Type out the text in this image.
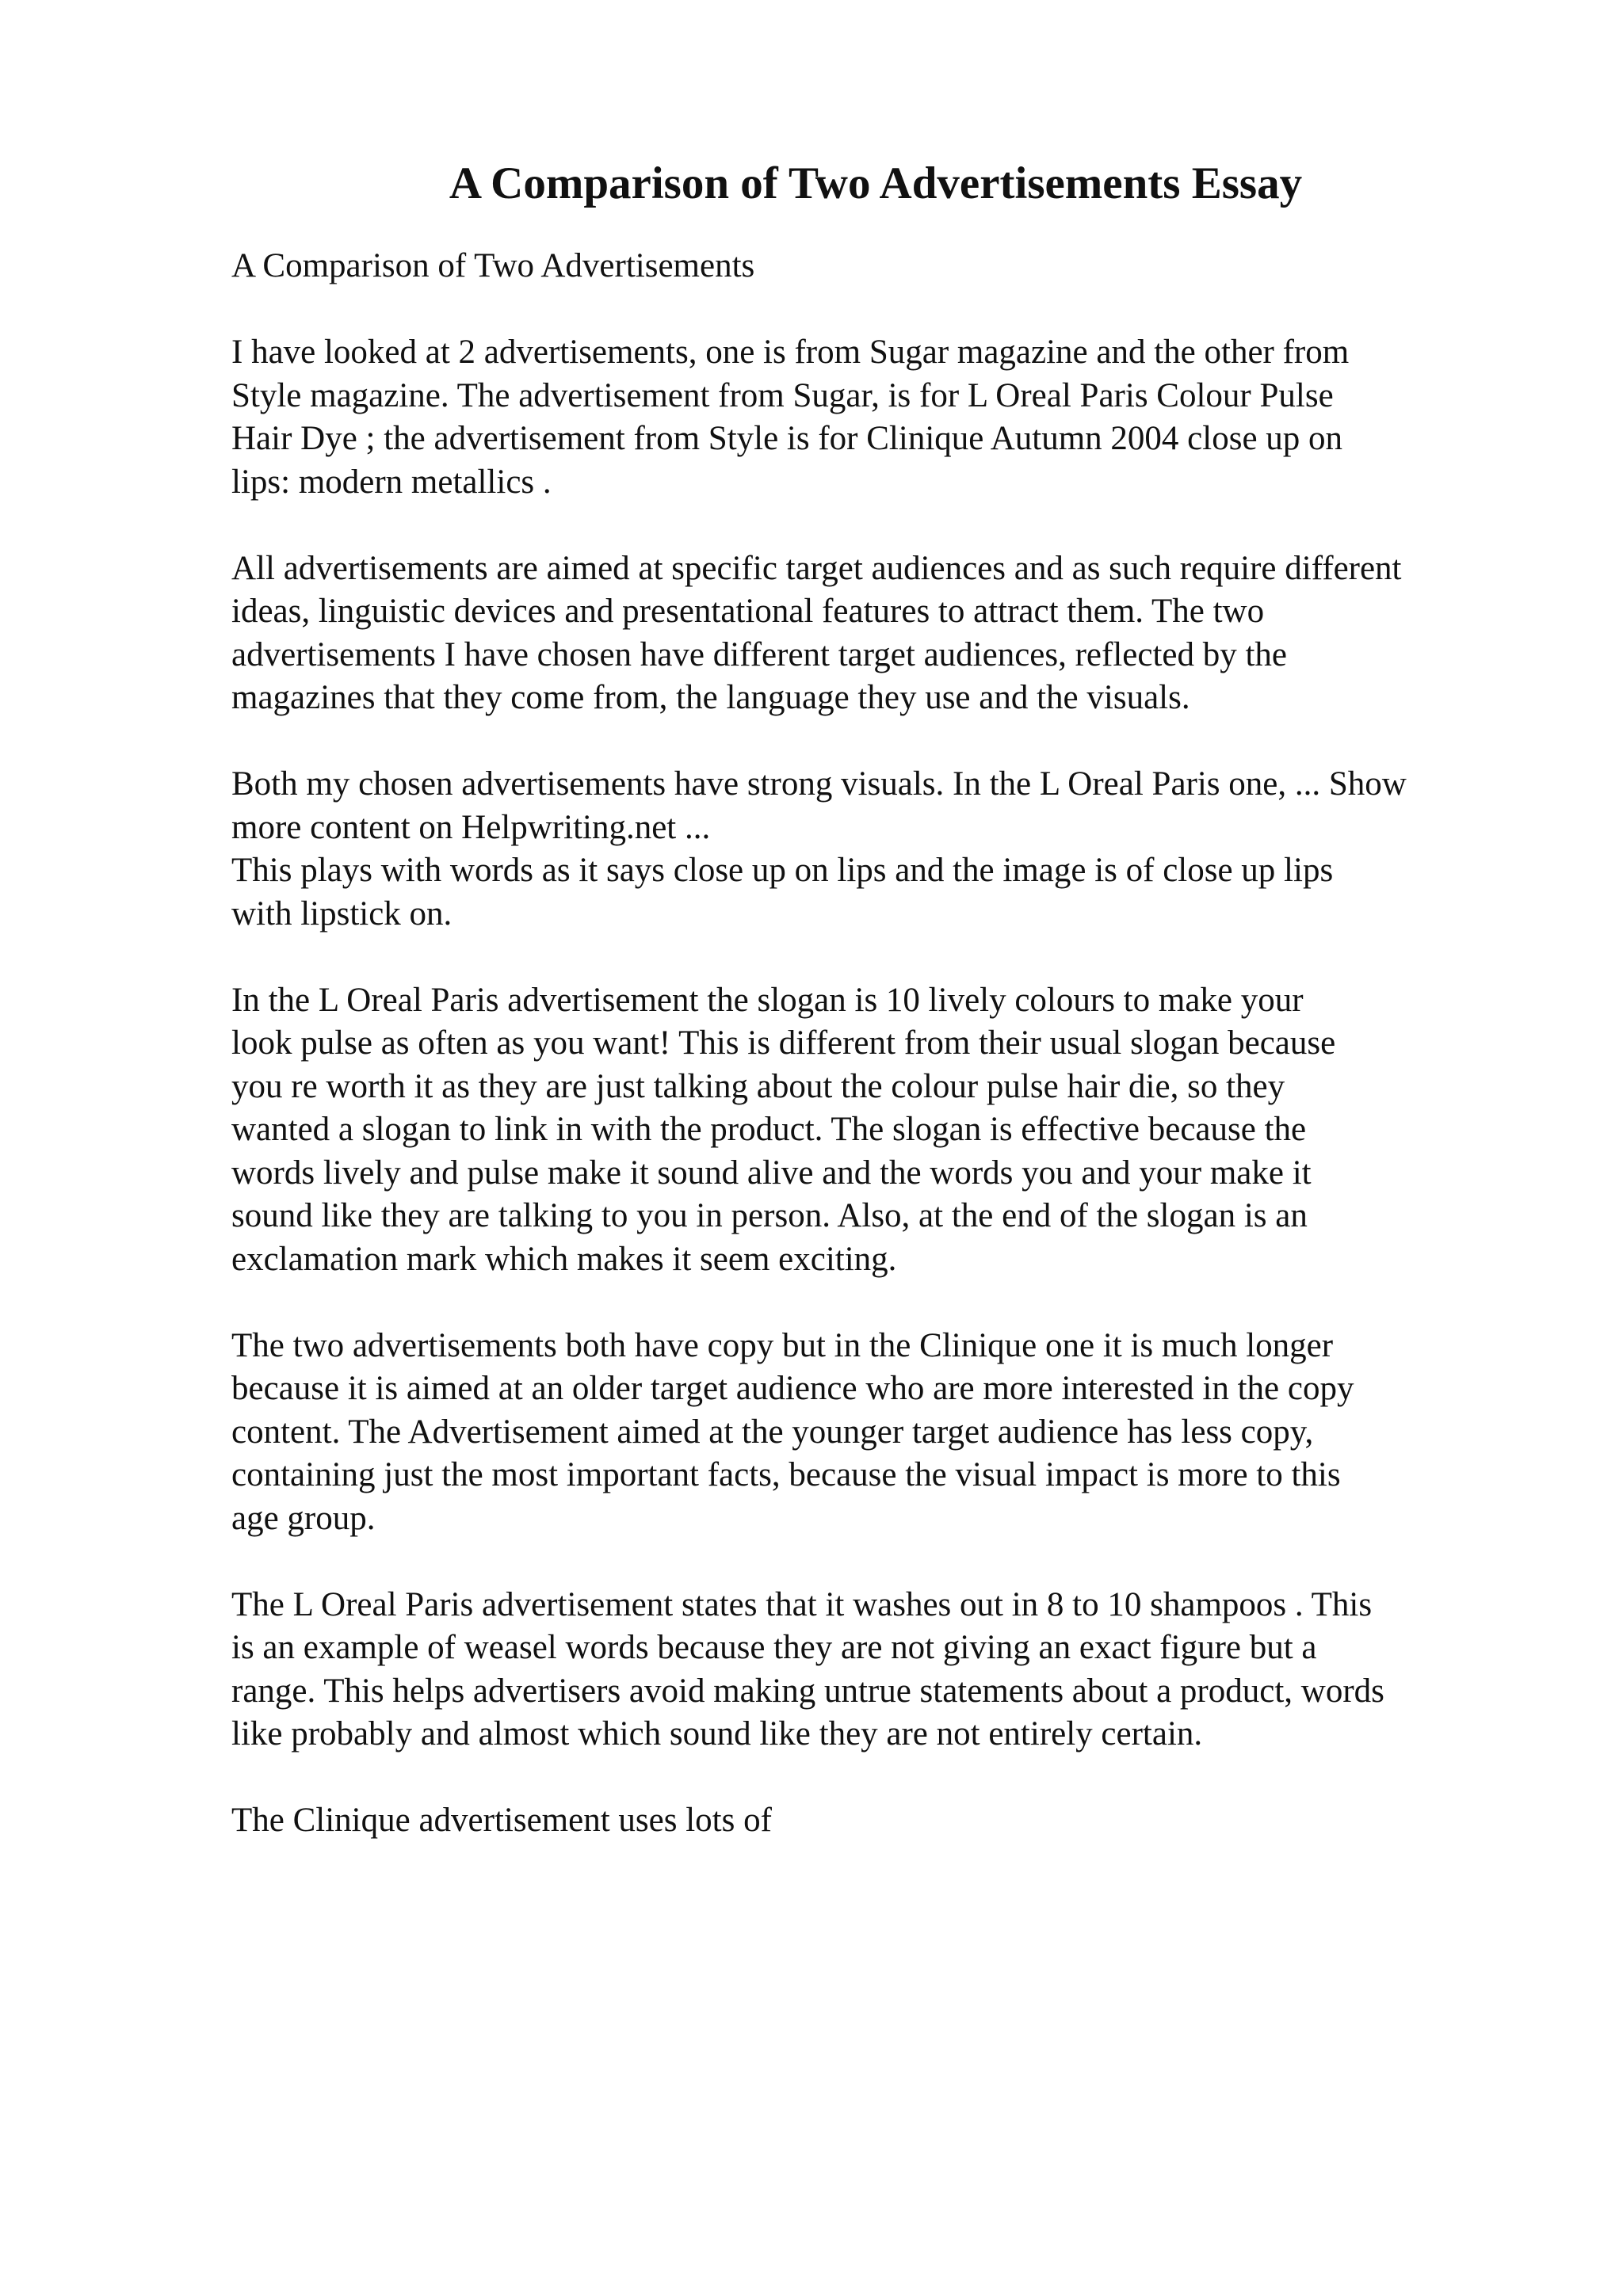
A Comparison of Two Advertisements Essay
A Comparison of Two Advertisements
I have looked at 2 advertisements, one is from Sugar magazine and the other from
Style magazine. The advertisement from Sugar, is for L Oreal Paris Colour Pulse
Hair Dye ; the advertisement from Style is for Clinique Autumn 2004 close up on
lips: modern metallics .
All advertisements are aimed at specific target audiences and as such require different
ideas, linguistic devices and presentational features to attract them. The two
advertisements I have chosen have different target audiences, reflected by the
magazines that they come from, the language they use and the visuals.
Both my chosen advertisements have strong visuals. In the L Oreal Paris one, ... Show
more content on Helpwriting.net ...
This plays with words as it says close up on lips and the image is of close up lips
with lipstick on.
In the L Oreal Paris advertisement the slogan is 10 lively colours to make your
look pulse as often as you want! This is different from their usual slogan because
you re worth it as they are just talking about the colour pulse hair die, so they
wanted a slogan to link in with the product. The slogan is effective because the
words lively and pulse make it sound alive and the words you and your make it
sound like they are talking to you in person. Also, at the end of the slogan is an
exclamation mark which makes it seem exciting.
The two advertisements both have copy but in the Clinique one it is much longer
because it is aimed at an older target audience who are more interested in the copy
content. The Advertisement aimed at the younger target audience has less copy,
containing just the most important facts, because the visual impact is more to this
age group.
The L Oreal Paris advertisement states that it washes out in 8 to 10 shampoos . This
is an example of weasel words because they are not giving an exact figure but a
range. This helps advertisers avoid making untrue statements about a product, words
like probably and almost which sound like they are not entirely certain.
The Clinique advertisement uses lots of
